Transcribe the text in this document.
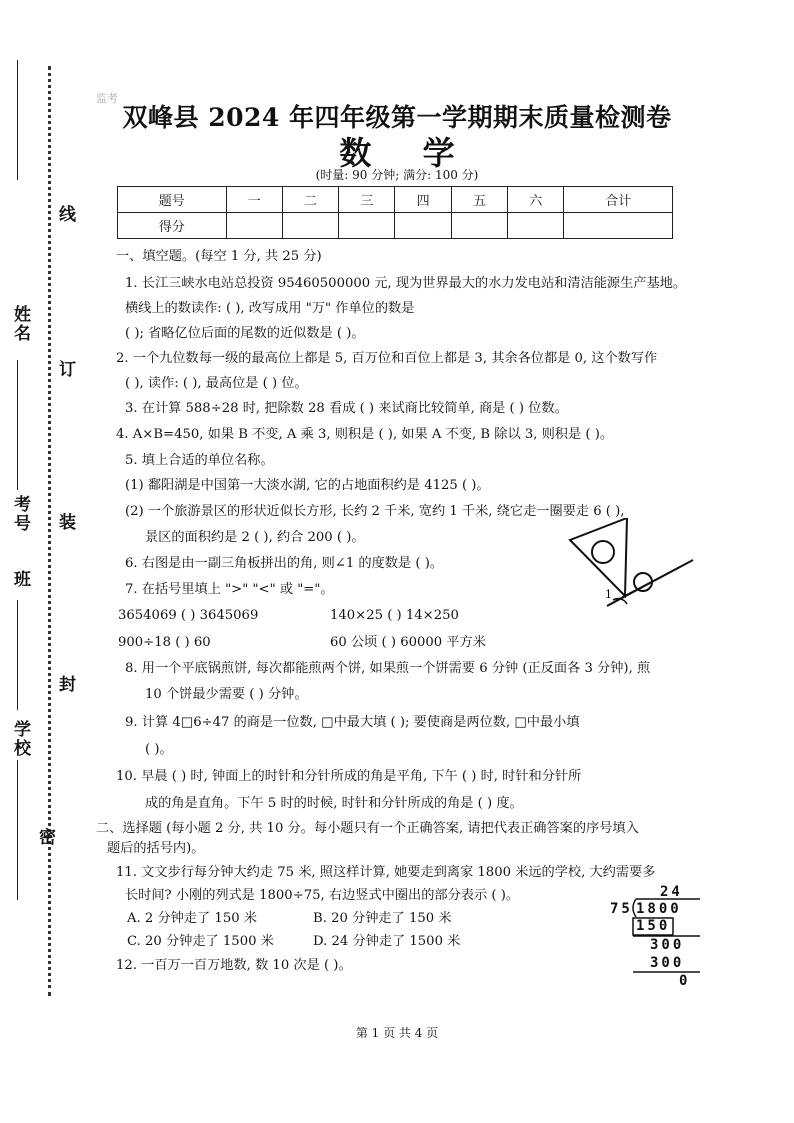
姓名
考号
班
学校
线
订
装
封
密
监考
双峰县 2024 年四年级第一学期期末质量检测卷
数 学
(时量: 90 分钟; 满分: 100 分)
题号	一	二	三	四	五	六	合计
得分							
一、填空题。(每空 1 分, 共 25 分)
1. 长江三峡水电站总投资 95460500000 元, 现为世界最大的水力发电站和清洁能源生产基地。
横线上的数读作: ( ), 改写成用 "万" 作单位的数是
( ); 省略亿位后面的尾数的近似数是 ( )。
2. 一个九位数每一级的最高位上都是 5, 百万位和百位上都是 3, 其余各位都是 0, 这个数写作
( ), 读作: ( ), 最高位是 ( ) 位。
3. 在计算 588÷28 时, 把除数 28 看成 ( ) 来试商比较简单, 商是 ( ) 位数。
4. A×B=450, 如果 B 不变, A 乘 3, 则积是 ( ), 如果 A 不变, B 除以 3, 则积是 ( )。
5. 填上合适的单位名称。
(1) 鄱阳湖是中国第一大淡水湖, 它的占地面积约是 4125 ( )。
(2) 一个旅游景区的形状近似长方形, 长约 2 千米, 宽约 1 千米, 绕它走一圈要走 6 ( ),
景区的面积约是 2 ( ), 约合 200 ( )。
6. 右图是由一副三角板拼出的角, 则∠1 的度数是 ( )。
7. 在括号里填上 ">" "<" 或 "="。
3654069 ( ) 3645069	140×25 ( ) 14×250
900÷18 ( ) 60	60 公顷 ( ) 60000 平方米
8. 用一个平底锅煎饼, 每次都能煎两个饼, 如果煎一个饼需要 6 分钟 (正反面各 3 分钟), 煎
10 个饼最少需要 ( ) 分钟。
9. 计算 4□6÷47 的商是一位数, □中最大填 ( ); 要使商是两位数, □中最小填
( )。
10. 早晨 ( ) 时, 钟面上的时针和分针所成的角是平角, 下午 ( ) 时, 时针和分针所
成的角是直角。下午 5 时的时候, 时针和分针所成的角是 ( ) 度。
1
二、选择题 (每小题 2 分, 共 10 分。每小题只有一个正确答案, 请把代表正确答案的序号填入
题后的括号内)。
11. 文文步行每分钟大约走 75 米, 照这样计算, 她要走到离家 1800 米远的学校, 大约需要多
长时间? 小刚的列式是 1800÷75, 右边竖式中圈出的部分表示 ( )。
A. 2 分钟走了 150 米	B. 20 分钟走了 150 米
C. 20 分钟走了 1500 米	D. 24 分钟走了 1500 米
12. 一百万一百万地数, 数 10 次是 ( )。
24
75 1800
150
300
300
0
第 1 页 共 4 页
